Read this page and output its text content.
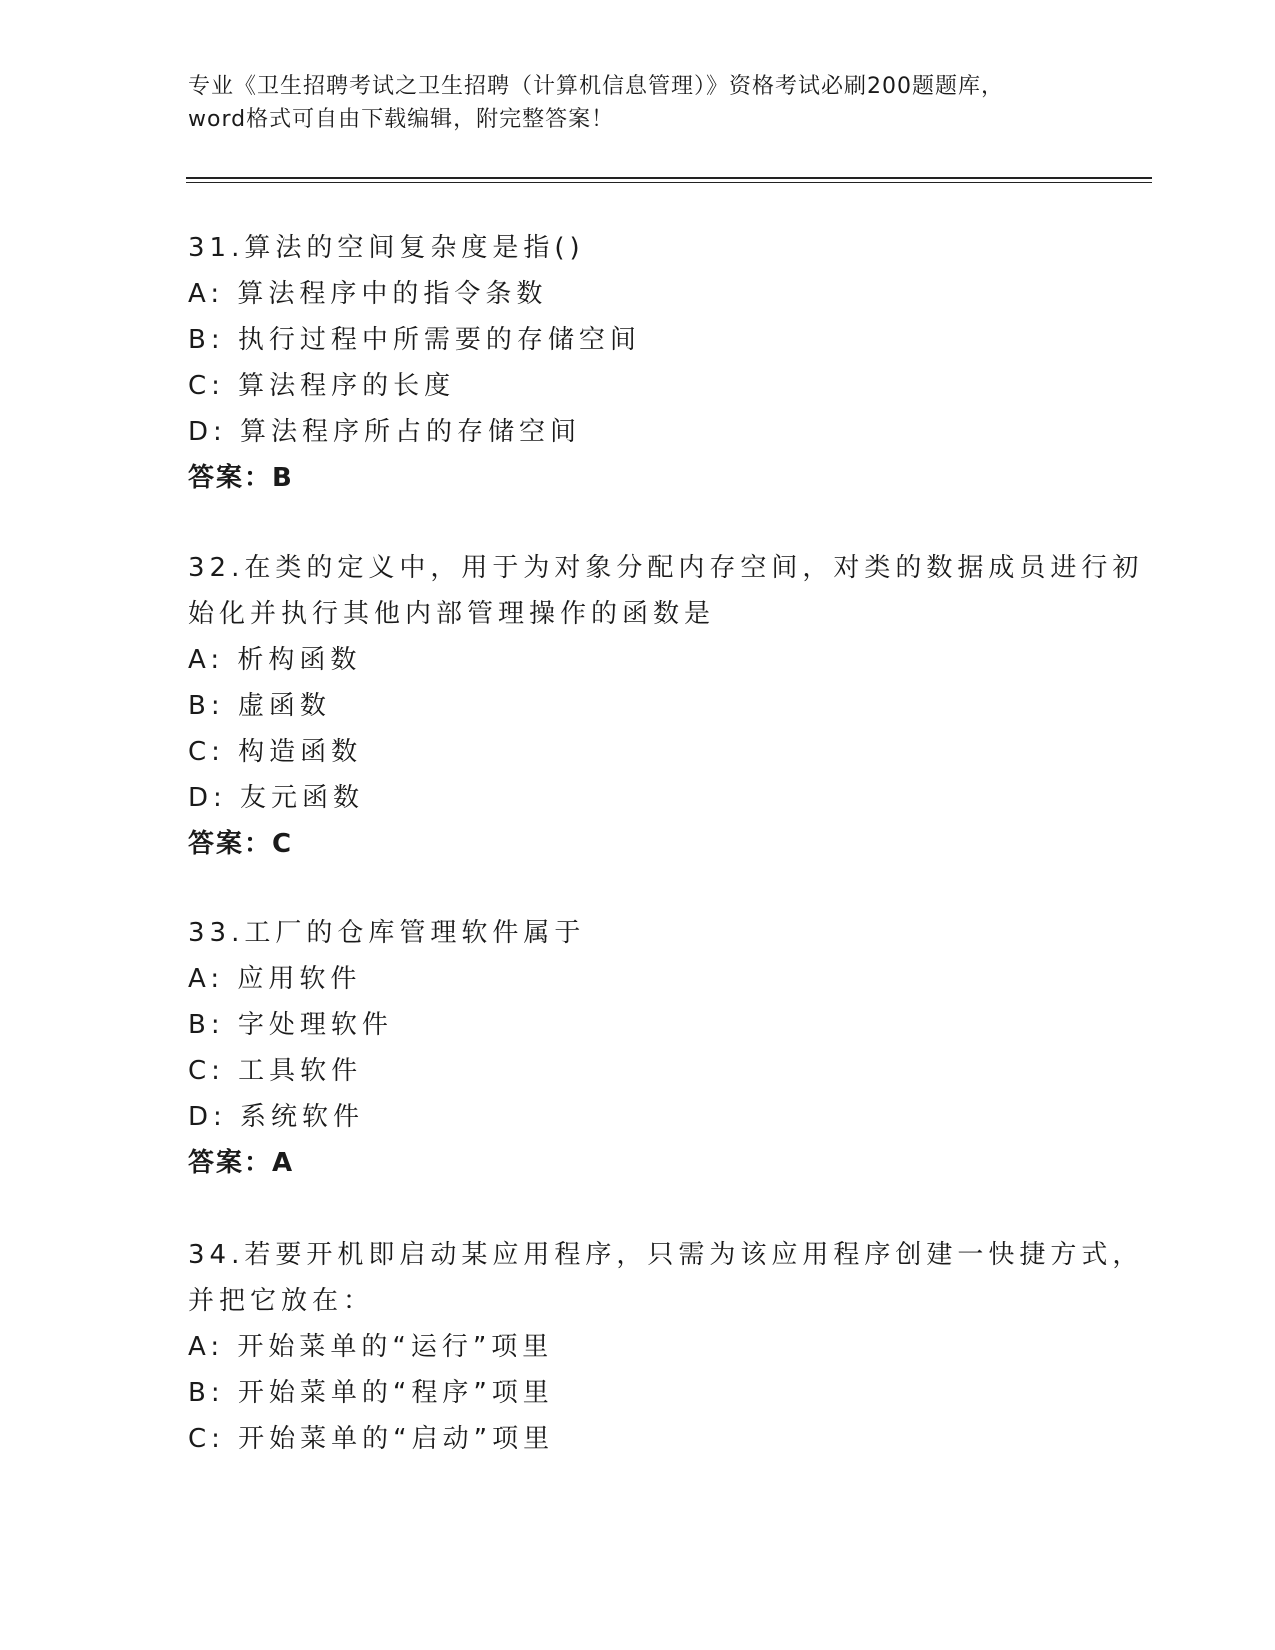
专业《卫生招聘考试之卫生招聘（计算机信息管理）》资格考试必刷200题题库，
word格式可自由下载编辑，附完整答案！
31.算法的空间复杂度是指()
A: 算法程序中的指令条数
B: 执行过程中所需要的存储空间
C: 算法程序的长度
D: 算法程序所占的存储空间
答案：B
32.在类的定义中，用于为对象分配内存空间，对类的数据成员进行初
始化并执行其他内部管理操作的函数是
A: 析构函数
B: 虚函数
C: 构造函数
D: 友元函数
答案：C
33.工厂的仓库管理软件属于
A: 应用软件
B: 字处理软件
C: 工具软件
D: 系统软件
答案：A
34.若要开机即启动某应用程序，只需为该应用程序创建一快捷方式，
并把它放在：
A: 开始菜单的“运行”项里
B: 开始菜单的“程序”项里
C: 开始菜单的“启动”项里
